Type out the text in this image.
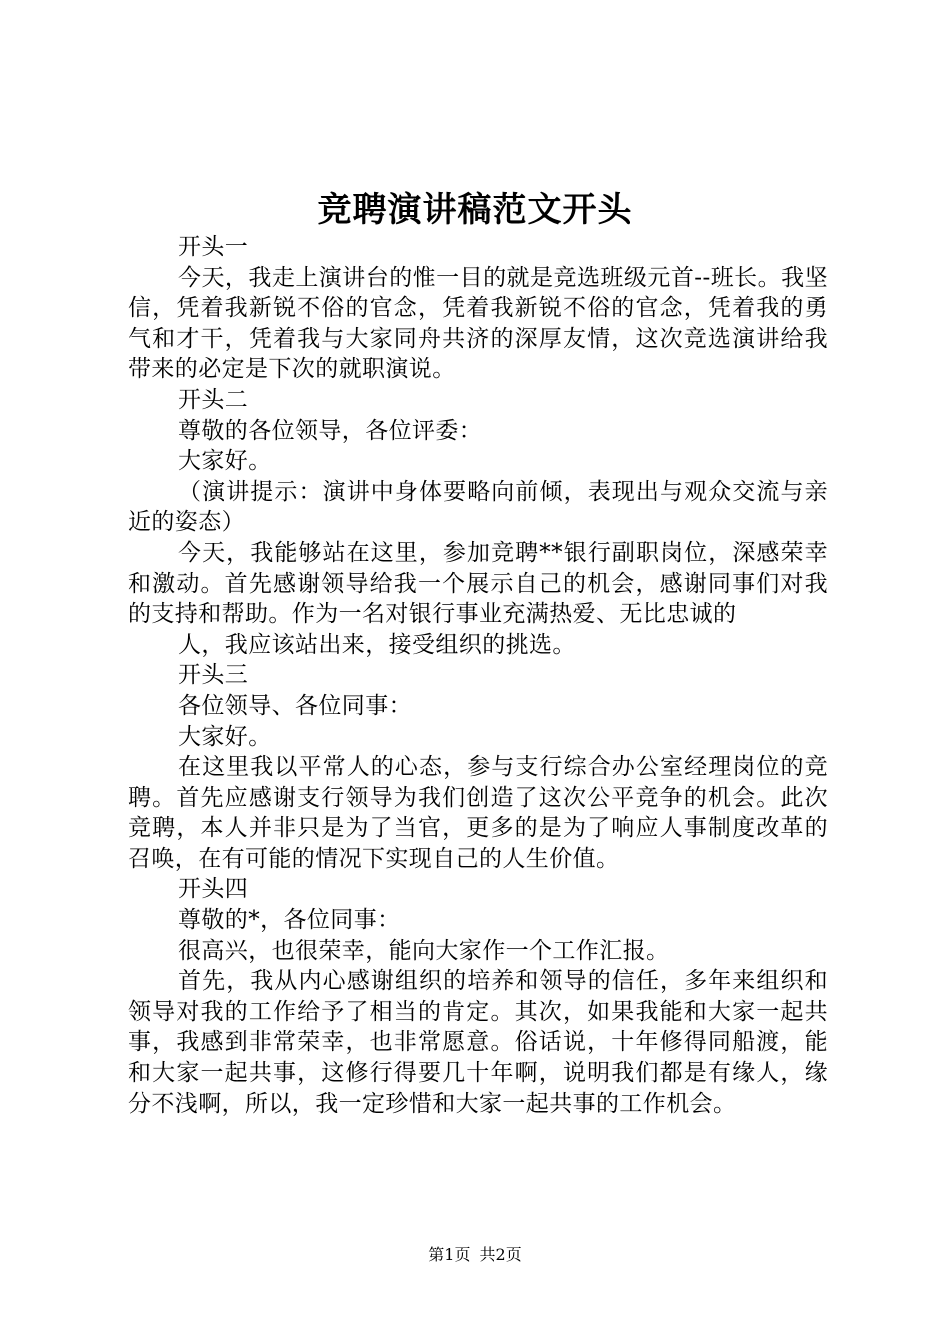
竞聘演讲稿范文开头

开头一

今天，我走上演讲台的惟一目的就是竞选班级元首--班长。我坚信，凭着我新锐不俗的官念，凭着我新锐不俗的官念，凭着我的勇气和才干，凭着我与大家同舟共济的深厚友情，这次竞选演讲给我带来的必定是下次的就职演说。

开头二

尊敬的各位领导，各位评委：

大家好。

（演讲提示：演讲中身体要略向前倾，表现出与观众交流与亲近的姿态）

今天，我能够站在这里，参加竞聘**银行副职岗位，深感荣幸和激动。首先感谢领导给我一个展示自己的机会，感谢同事们对我的支持和帮助。作为一名对银行事业充满热爱、无比忠诚的

人，我应该站出来，接受组织的挑选。

开头三

各位领导、各位同事：

大家好。

在这里我以平常人的心态，参与支行综合办公室经理岗位的竞聘。首先应感谢支行领导为我们创造了这次公平竞争的机会。此次竞聘，本人并非只是为了当官，更多的是为了响应人事制度改革的召唤，在有可能的情况下实现自己的人生价值。

开头四

尊敬的*，各位同事：

很高兴，也很荣幸，能向大家作一个工作汇报。

首先，我从内心感谢组织的培养和领导的信任，多年来组织和领导对我的工作给予了相当的肯定。其次，如果我能和大家一起共事，我感到非常荣幸，也非常愿意。俗话说，十年修得同船渡，能和大家一起共事，这修行得要几十年啊，说明我们都是有缘人，缘分不浅啊，所以，我一定珍惜和大家一起共事的工作机会。

第1页 共2页
